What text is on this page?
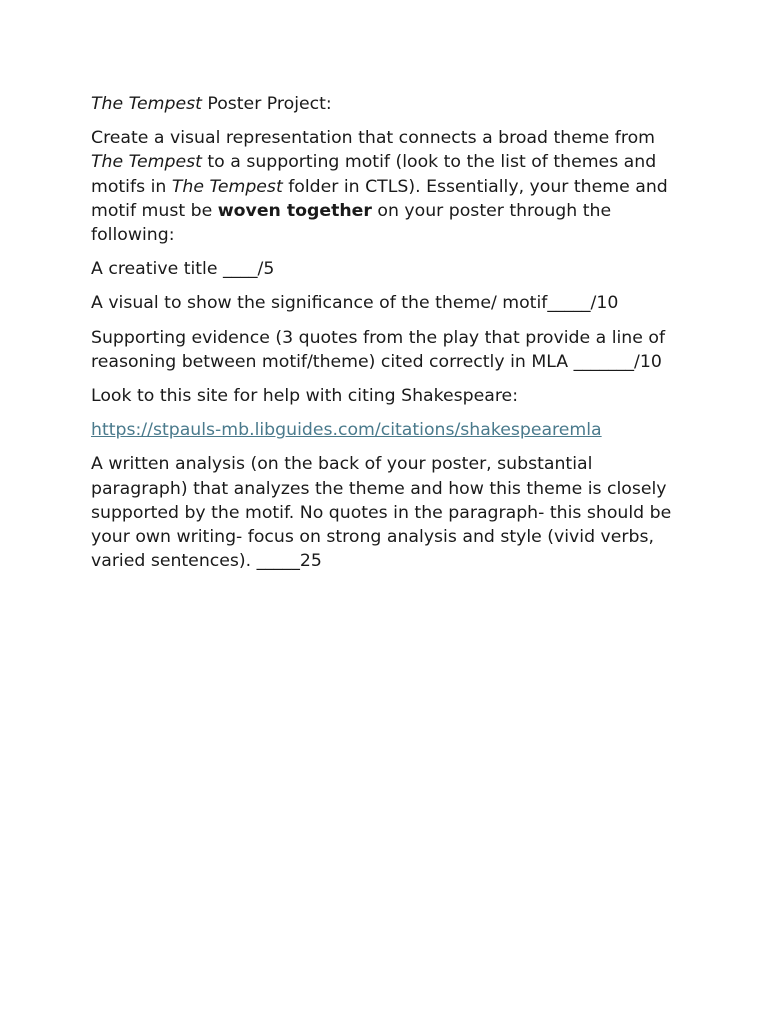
The Tempest Poster Project:

Create a visual representation that connects a broad theme from The Tempest to a supporting motif (look to the list of themes and motifs in The Tempest folder in CTLS). Essentially, your theme and motif must be woven together on your poster through the following:

A creative title ____/5

A visual to show the significance of the theme/ motif_____/10

Supporting evidence (3 quotes from the play that provide a line of reasoning between motif/theme) cited correctly in MLA _______/10

Look to this site for help with citing Shakespeare:

https://stpauls-mb.libguides.com/citations/shakespearemla

A written analysis (on the back of your poster, substantial paragraph) that analyzes the theme and how this theme is closely supported by the motif. No quotes in the paragraph- this should be your own writing- focus on strong analysis and style (vivid verbs, varied sentences). _____25
